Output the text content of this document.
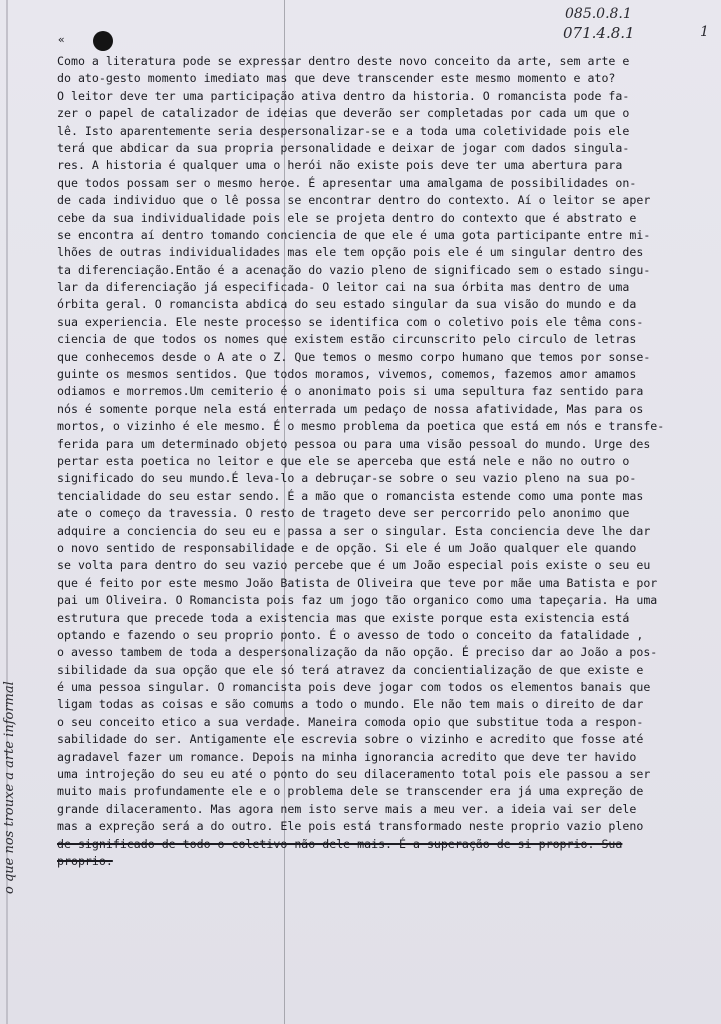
085.0.8.1
071.4.8.1	1
«
Como a literatura pode se expressar dentro deste novo conceito da arte, sem arte e
do ato-gesto momento imediato mas que deve transcender este mesmo momento e ato?
O leitor deve ter uma participação ativa dentro da historia. O romancista pode fa-
zer o papel de catalizador de ideias que deverão ser completadas por cada um que o
lê. Isto aparentemente seria despersonalizar-se e a toda uma coletividade pois ele
terá que abdicar da sua propria personalidade e deixar de jogar com dados singula-
res. A historia é qualquer uma o herói não existe pois deve ter uma abertura para
que todos possam ser o mesmo heroe. É apresentar uma amalgama de possibilidades on-
de cada individuo que o lê possa se encontrar dentro do contexto. Aí o leitor se aper
cebe da sua individualidade pois ele se projeta dentro do contexto que é abstrato e
se encontra aí dentro tomando conciencia de que ele é uma gota participante entre mi-
lhões de outras individualidades mas ele tem opção pois ele é um singular dentro des
ta diferenciação.Então é a acenação do vazio pleno de significado sem o estado singu-
lar da diferenciação já especificada- O leitor cai na sua órbita mas dentro de uma
órbita geral. O romancista abdica do seu estado singular da sua visão do mundo e da
sua experiencia. Ele neste processo se identifica com o coletivo pois ele têma cons-
ciencia de que todos os nomes que existem estão circunscrito pelo circulo de letras
que conhecemos desde o A ate o Z. Que temos o mesmo corpo humano que temos por sonse-
guinte os mesmos sentidos. Que todos moramos, vivemos, comemos, fazemos amor amamos
odiamos e morremos.Um cemiterio é o anonimato pois si uma sepultura faz sentido para
nós é somente porque nela está enterrada um pedaço de nossa afatividade, Mas para os
mortos, o vizinho é ele mesmo. É o mesmo problema da poetica que está em nós e transfe-
ferida para um determinado objeto pessoa ou para uma visão pessoal do mundo. Urge des
pertar esta poetica no leitor e que ele se aperceba que está nele e não no outro o
significado do seu mundo.É leva-lo a debruçar-se sobre o seu vazio pleno na sua po-
tencialidade do seu estar sendo. É a mão que o romancista estende como uma ponte mas
ate o começo da travessia. O resto de trageto deve ser percorrido pelo anonimo que
adquire a conciencia do seu eu e passa a ser o singular. Esta conciencia deve lhe dar
o novo sentido de responsabilidade e de opção. Si ele é um João qualquer ele quando
se volta para dentro do seu vazio percebe que é um João especial pois existe o seu eu
que é feito por este mesmo João Batista de Oliveira que teve por mãe uma Batista e por
pai um Oliveira. O Romancista pois faz um jogo tão organico como uma tapeçaria. Ha uma
estrutura que precede toda a existencia mas que existe porque esta existencia está
optando e fazendo o seu proprio ponto. É o avesso de todo o conceito da fatalidade ,
o avesso tambem de toda a despersonalização da não opção. É preciso dar ao João a pos-
sibilidade da sua opção que ele só terá atravez da concientialização de que existe e
é uma pessoa singular. O romancista pois deve jogar com todos os elementos banais que
ligam todas as coisas e são comums a todo o mundo. Ele não tem mais o direito de dar
o seu conceito etico a sua verdade. Maneira comoda opio que substitue toda a respon-
sabilidade do ser. Antigamente ele escrevia sobre o vizinho e acredito que fosse até
agradavel fazer um romance. Depois na minha ignorancia acredito que deve ter havido
uma introjeção do seu eu até o ponto do seu dilaceramento total pois ele passou a ser
muito mais profundamente ele e o problema dele se transcender era já uma expreção de
grande dilaceramento. Mas agora nem isto serve mais a meu ver. a ideia vai ser dele
mas a expreção será a do outro. Ele pois está transformado neste proprio vazio pleno
de significado de todo o coletivo não dele mais. É a superação de si proprio. Sua
proprio.
o que nos trouxe a arte informal
